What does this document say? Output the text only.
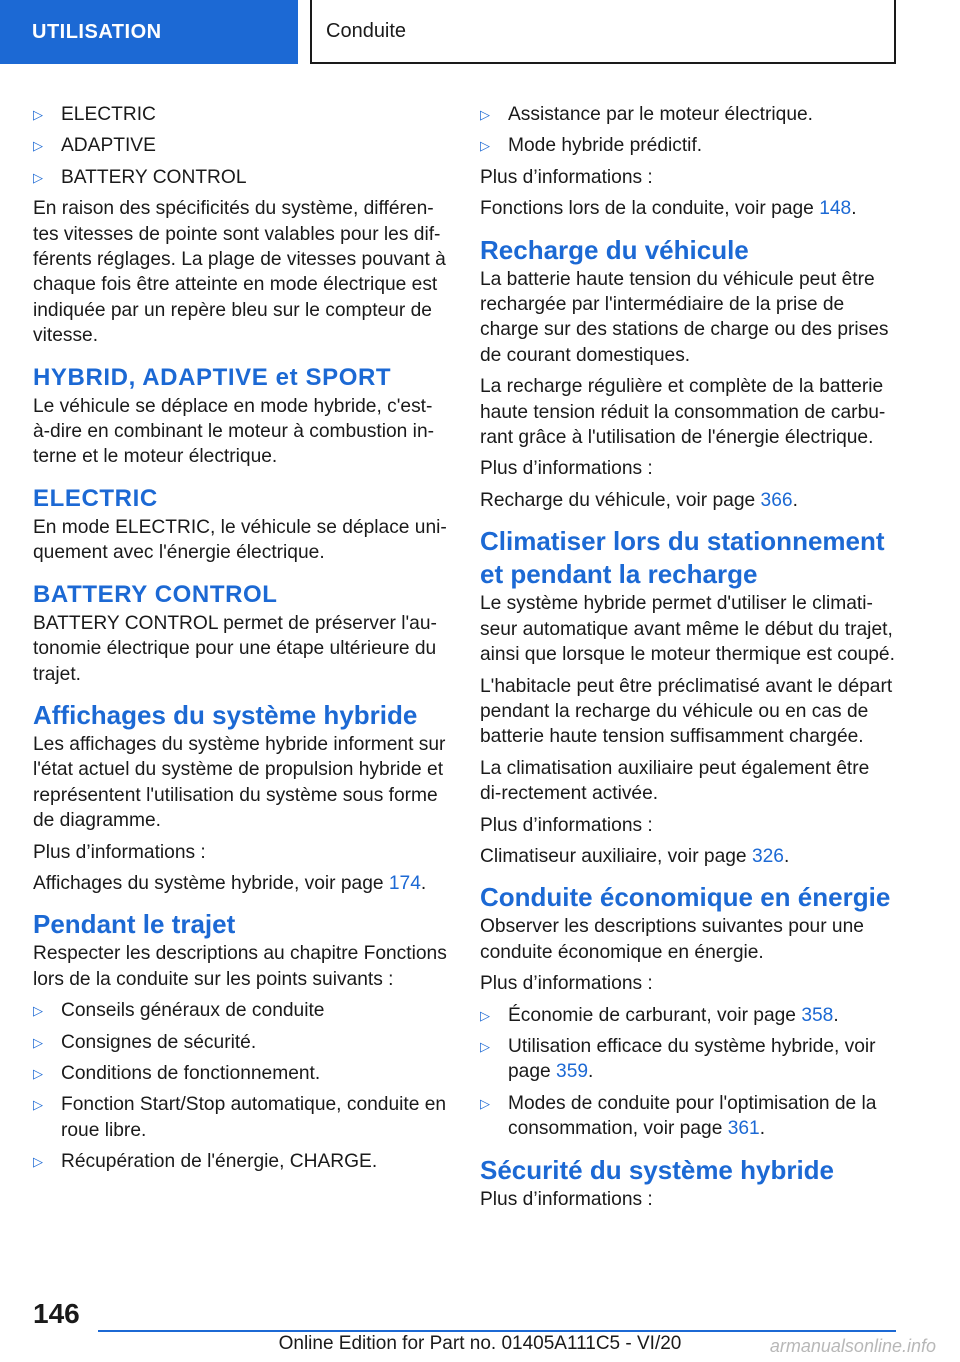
UTILISATION	Conduite
▷
ELECTRIC
▷
ADAPTIVE
▷
BATTERY CONTROL

En raison des spécificités du système, différen-tes vitesses de pointe sont valables pour les dif-férents réglages. La plage de vitesses pouvant à chaque fois être atteinte en mode électrique est indiquée par un repère bleu sur le compteur de vitesse.

HYBRID, ADAPTIVE et SPORT

Le véhicule se déplace en mode hybride, c'est-à-dire en combinant le moteur à combustion in-terne et le moteur électrique.

ELECTRIC

En mode ELECTRIC, le véhicule se déplace uni-quement avec l'énergie électrique.

BATTERY CONTROL

BATTERY CONTROL permet de préserver l'au-tonomie électrique pour une étape ultérieure du trajet.

Affichages du système hybride

Les affichages du système hybride informent sur l'état actuel du système de propulsion hybride et représentent l'utilisation du système sous forme de diagramme.

Plus d’informations :

Affichages du système hybride, voir page 174.

Pendant le trajet

Respecter les descriptions au chapitre Fonctions lors de la conduite sur les points suivants :

▷
Conseils généraux de conduite
▷
Consignes de sécurité.
▷
Conditions de fonctionnement.
▷
Fonction Start/Stop automatique, conduite en roue libre.
▷
Récupération de l'énergie, CHARGE.
▷
Assistance par le moteur électrique.
▷
Mode hybride prédictif.

Plus d’informations :

Fonctions lors de la conduite, voir page 148.

Recharge du véhicule

La batterie haute tension du véhicule peut être rechargée par l'intermédiaire de la prise de charge sur des stations de charge ou des prises de courant domestiques.

La recharge régulière et complète de la batterie haute tension réduit la consommation de carbu-rant grâce à l'utilisation de l'énergie électrique.

Plus d’informations :

Recharge du véhicule, voir page 366.

Climatiser lors du stationnement et pendant la recharge

Le système hybride permet d'utiliser le climati-seur automatique avant même le début du trajet, ainsi que lorsque le moteur thermique est coupé.

L'habitacle peut être préclimatisé avant le départ pendant la recharge du véhicule ou en cas de batterie haute tension suffisamment chargée.

La climatisation auxiliaire peut également être di-rectement activée.

Plus d’informations :

Climatiseur auxiliaire, voir page 326.

Conduite économique en énergie

Observer les descriptions suivantes pour une conduite économique en énergie.

Plus d’informations :

▷
Économie de carburant, voir page 358.
▷
Utilisation efficace du système hybride, voir page 359.
▷
Modes de conduite pour l'optimisation de la consommation, voir page 361.
Sécurité du système hybride

Plus d’informations :

146
Online Edition for Part no. 01405A111C5 - VI/20	armanualsonline.info
